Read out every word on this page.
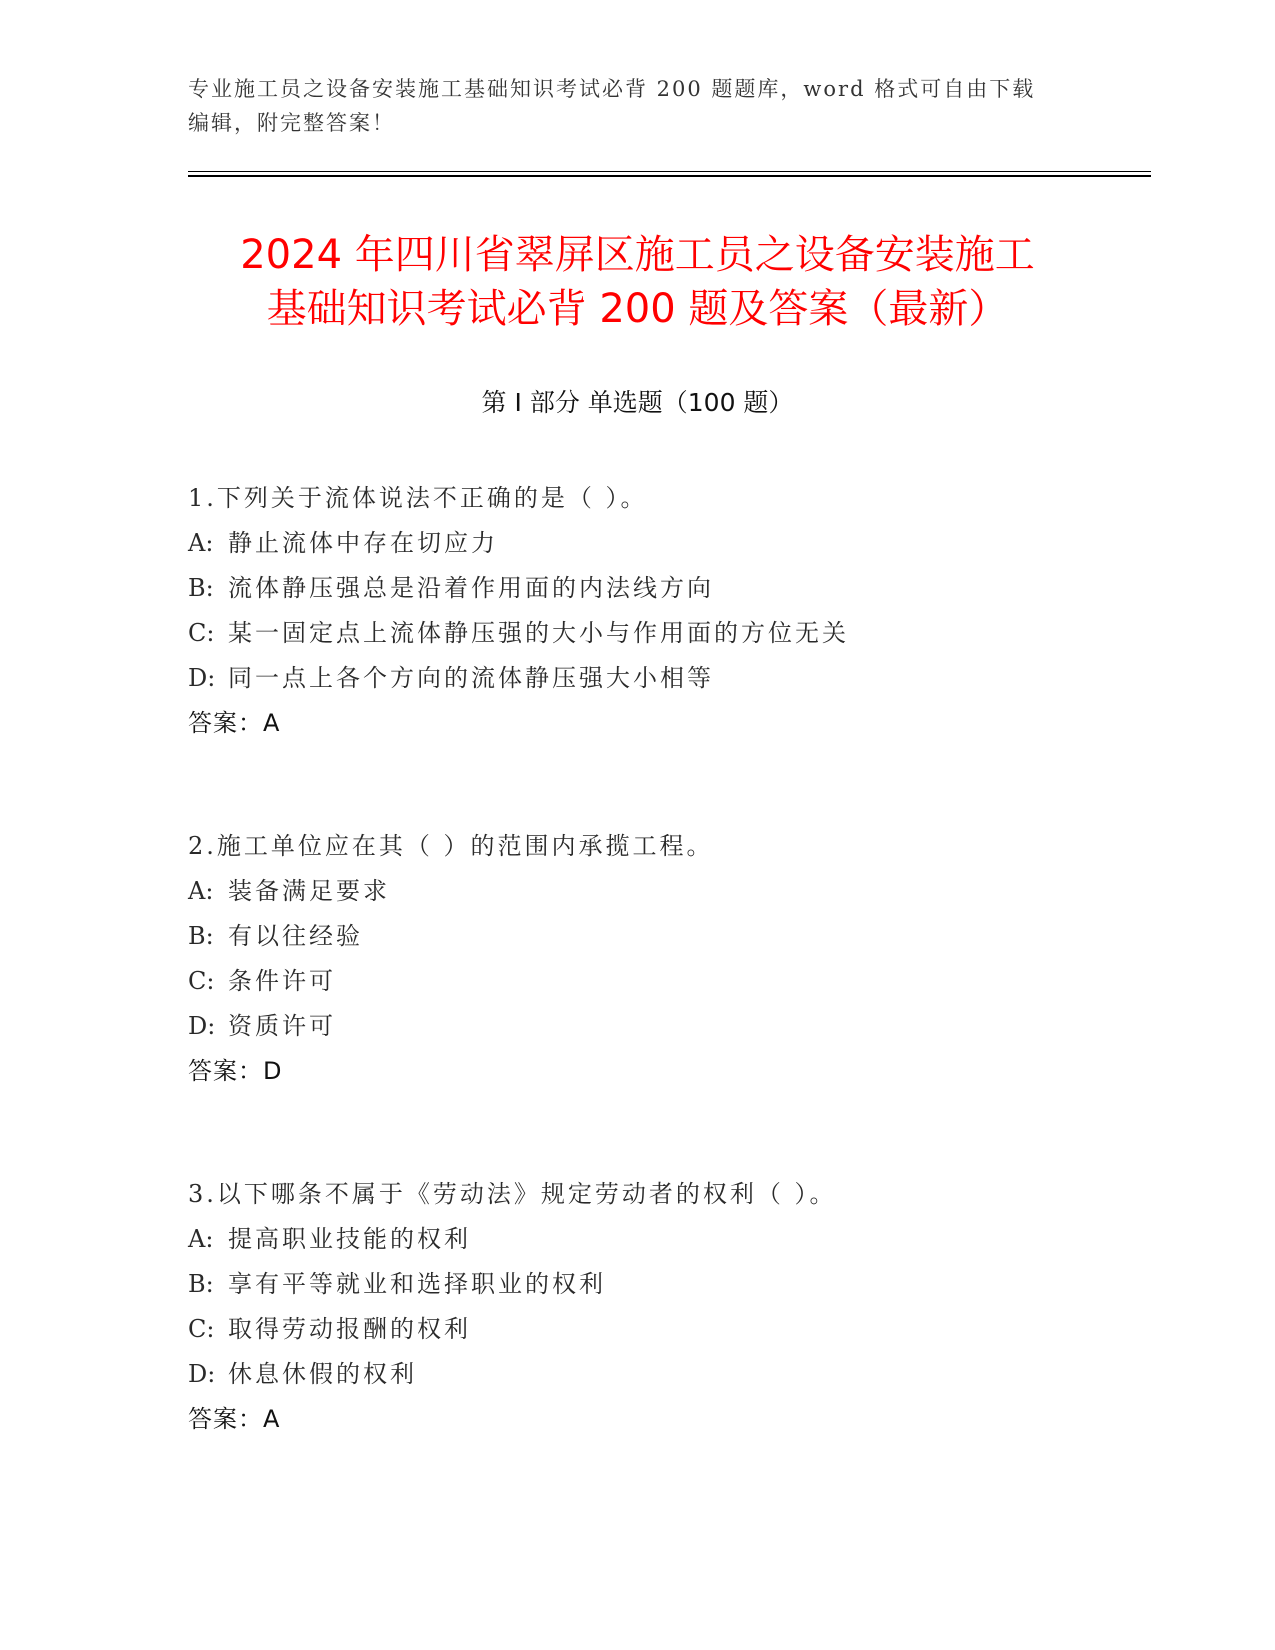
专业施工员之设备安装施工基础知识考试必背 200 题题库，word 格式可自由下载
编辑，附完整答案！
2024 年四川省翠屏区施工员之设备安装施工
基础知识考试必背 200 题及答案（最新）
第 I 部分 单选题（100 题）
1.下列关于流体说法不正确的是（ ）。
A: 静止流体中存在切应力
B: 流体静压强总是沿着作用面的内法线方向
C: 某一固定点上流体静压强的大小与作用面的方位无关
D: 同一点上各个方向的流体静压强大小相等
答案：A
2.施工单位应在其（ ）的范围内承揽工程。
A: 装备满足要求
B: 有以往经验
C: 条件许可
D: 资质许可
答案：D
3.以下哪条不属于《劳动法》规定劳动者的权利（ ）。
A: 提高职业技能的权利
B: 享有平等就业和选择职业的权利
C: 取得劳动报酬的权利
D: 休息休假的权利
答案：A
